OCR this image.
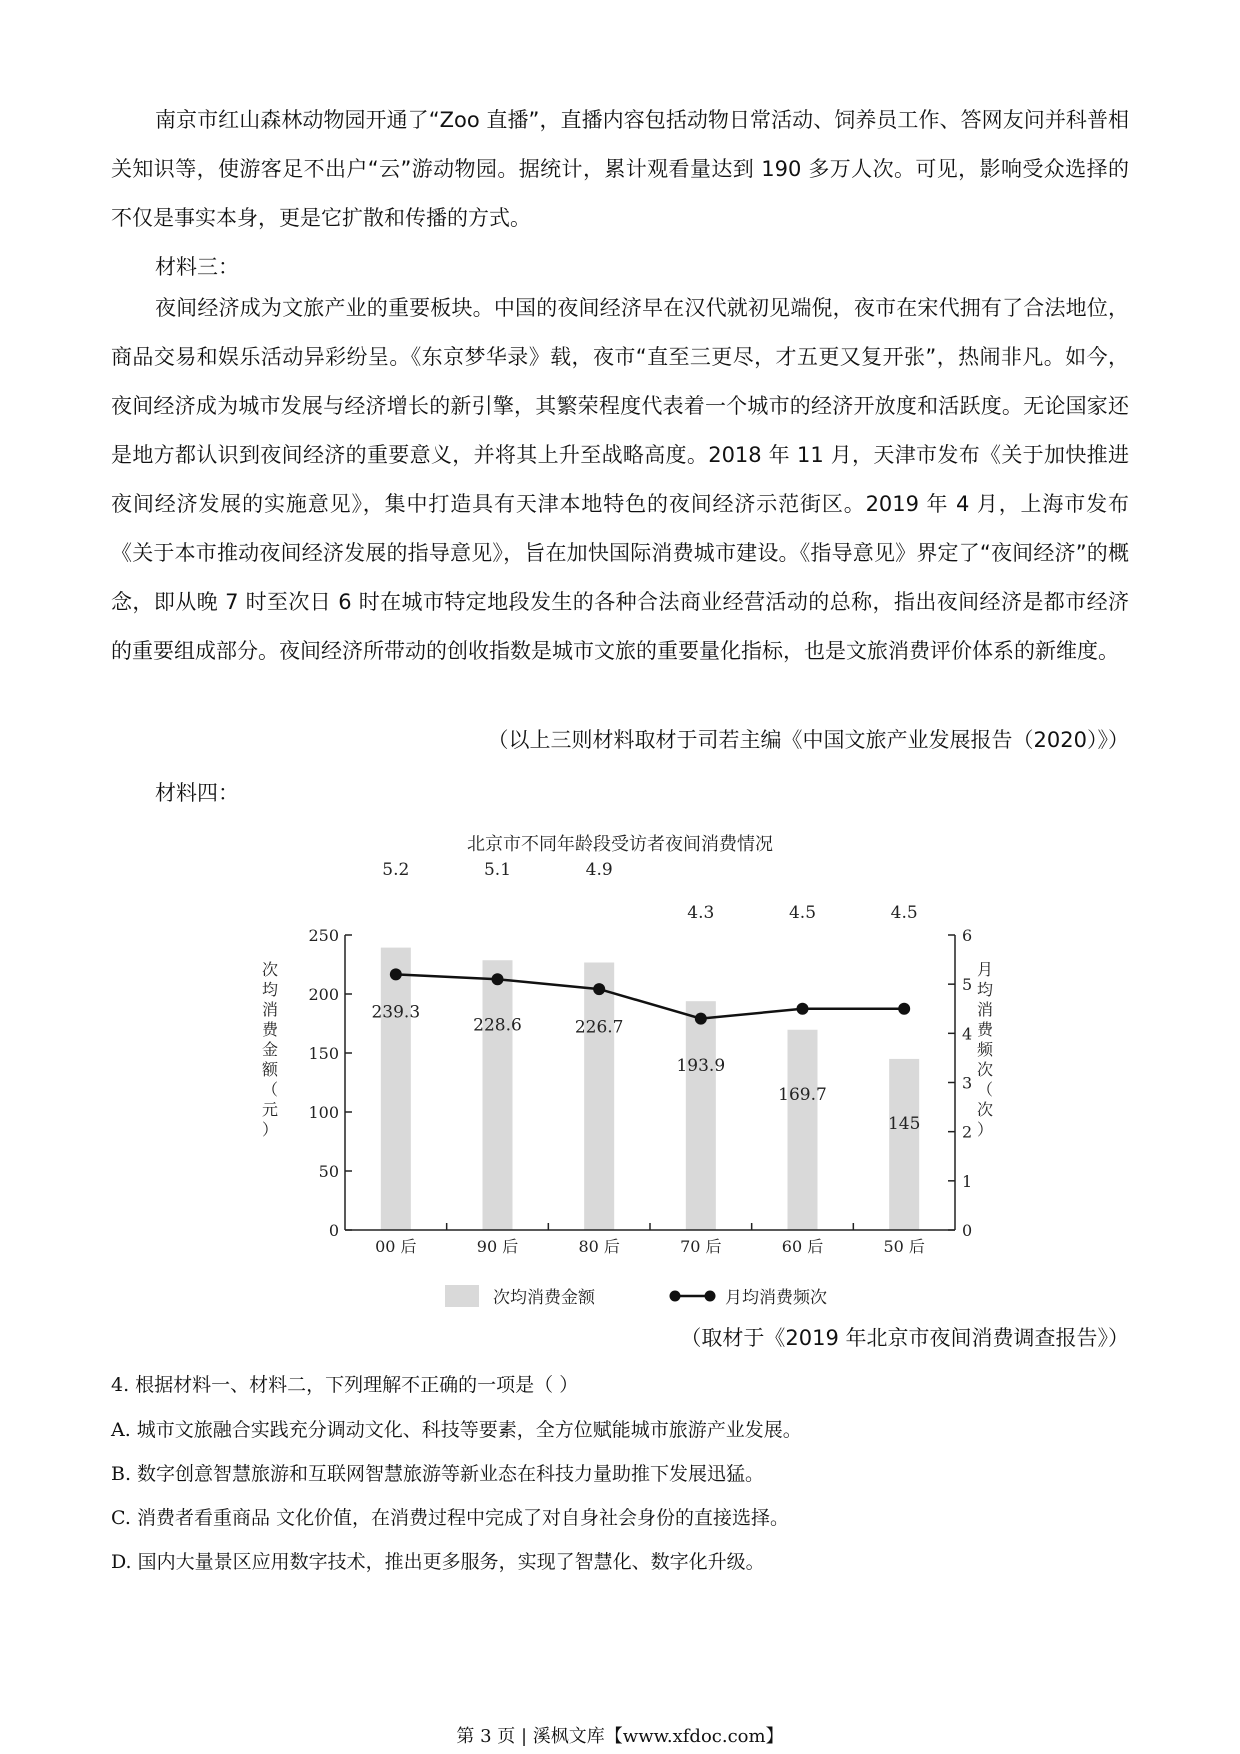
南京市红山森林动物园开通了“Zoo 直播”，直播内容包括动物日常活动、饲养员工作、答网友问并科普相关知识等，使游客足不出户“云”游动物园。据统计，累计观看量达到 190 多万人次。可见，影响受众选择的不仅是事实本身，更是它扩散和传播的方式。

材料三：

夜间经济成为文旅产业的重要板块。中国的夜间经济早在汉代就初见端倪，夜市在宋代拥有了合法地位，商品交易和娱乐活动异彩纷呈。《东京梦华录》载，夜市“直至三更尽，才五更又复开张”，热闹非凡。如今，夜间经济成为城市发展与经济增长的新引擎，其繁荣程度代表着一个城市的经济开放度和活跃度。无论国家还是地方都认识到夜间经济的重要意义，并将其上升至战略高度。2018 年 11 月，天津市发布《关于加快推进夜间经济发展的实施意见》，集中打造具有天津本地特色的夜间经济示范街区。2019 年 4 月，上海市发布《关于本市推动夜间经济发展的指导意见》，旨在加快国际消费城市建设。《指导意见》界定了“夜间经济”的概念，即从晚 7 时至次日 6 时在城市特定地段发生的各种合法商业经营活动的总称，指出夜间经济是都市经济的重要组成部分。夜间经济所带动的创收指数是城市文旅的重要量化指标，也是文旅消费评价体系的新维度。

（以上三则材料取材于司若主编《中国文旅产业发展报告（2020）》）

材料四：

北京市不同年龄段受访者夜间消费情况
239.3
228.6	226.7
193.9
169.7
145
0
50
100
150
200
250
0
1
2
3
4
5
6
00 后	90 后	80 后	70 后	60 后	50 后
5.2	5.1	4.9
4.3	4.5	4.5
次
均
消
费
金
额
（
元
）
月
均
消
费
频
次
（
次
）
次均消费金额	月均消费频次

（取材于《2019 年北京市夜间消费调查报告》）

4. 根据材料一、材料二，下列理解不正确的一项是（ ）

A. 城市文旅融合实践充分调动文化、科技等要素，全方位赋能城市旅游产业发展。

B. 数字创意智慧旅游和互联网智慧旅游等新业态在科技力量助推下发展迅猛。

C. 消费者看重商品 文化价值，在消费过程中完成了对自身社会身份的直接选择。

D. 国内大量景区应用数字技术，推出更多服务，实现了智慧化、数字化升级。

第 3 页 | 溪枫文库【www.xfdoc.com】
